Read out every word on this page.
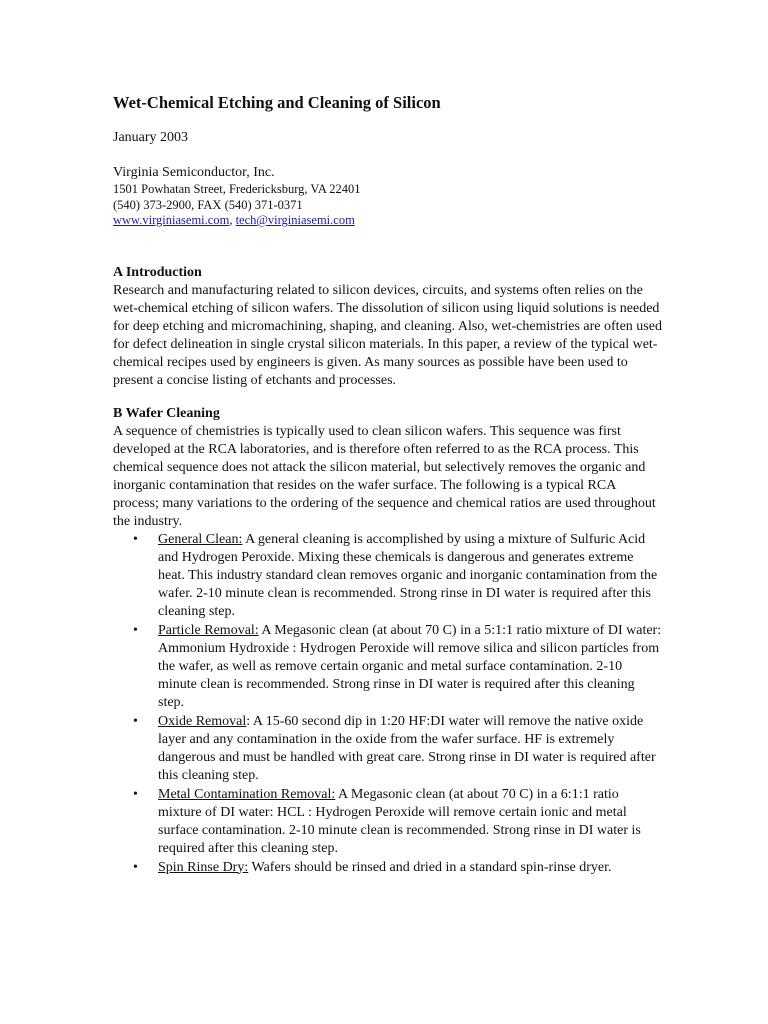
Wet-Chemical Etching and Cleaning of Silicon
January 2003
Virginia Semiconductor, Inc.
1501 Powhatan Street, Fredericksburg, VA 22401
(540) 373-2900, FAX (540) 371-0371
www.virginiasemi.com, tech@virginiasemi.com
A Introduction
Research and manufacturing related to silicon devices, circuits, and systems often relies on the wet-chemical etching of silicon wafers. The dissolution of silicon using liquid solutions is needed for deep etching and micromachining, shaping, and cleaning. Also, wet-chemistries are often used for defect delineation in single crystal silicon materials. In this paper, a review of the typical wet-chemical recipes used by engineers is given. As many sources as possible have been used to present a concise listing of etchants and processes.
B Wafer Cleaning
A sequence of chemistries is typically used to clean silicon wafers. This sequence was first developed at the RCA laboratories, and is therefore often referred to as the RCA process. This chemical sequence does not attack the silicon material, but selectively removes the organic and inorganic contamination that resides on the wafer surface. The following is a typical RCA process; many variations to the ordering of the sequence and chemical ratios are used throughout the industry.
• General Clean: A general cleaning is accomplished by using a mixture of Sulfuric Acid and Hydrogen Peroxide. Mixing these chemicals is dangerous and generates extreme heat. This industry standard clean removes organic and inorganic contamination from the wafer. 2-10 minute clean is recommended. Strong rinse in DI water is required after this cleaning step.
• Particle Removal: A Megasonic clean (at about 70 C) in a 5:1:1 ratio mixture of DI water: Ammonium Hydroxide : Hydrogen Peroxide will remove silica and silicon particles from the wafer, as well as remove certain organic and metal surface contamination. 2-10 minute clean is recommended. Strong rinse in DI water is required after this cleaning step.
• Oxide Removal: A 15-60 second dip in 1:20 HF:DI water will remove the native oxide layer and any contamination in the oxide from the wafer surface. HF is extremely dangerous and must be handled with great care. Strong rinse in DI water is required after this cleaning step.
• Metal Contamination Removal: A Megasonic clean (at about 70 C) in a 6:1:1 ratio mixture of DI water: HCL : Hydrogen Peroxide will remove certain ionic and metal surface contamination. 2-10 minute clean is recommended. Strong rinse in DI water is required after this cleaning step.
• Spin Rinse Dry: Wafers should be rinsed and dried in a standard spin-rinse dryer.
